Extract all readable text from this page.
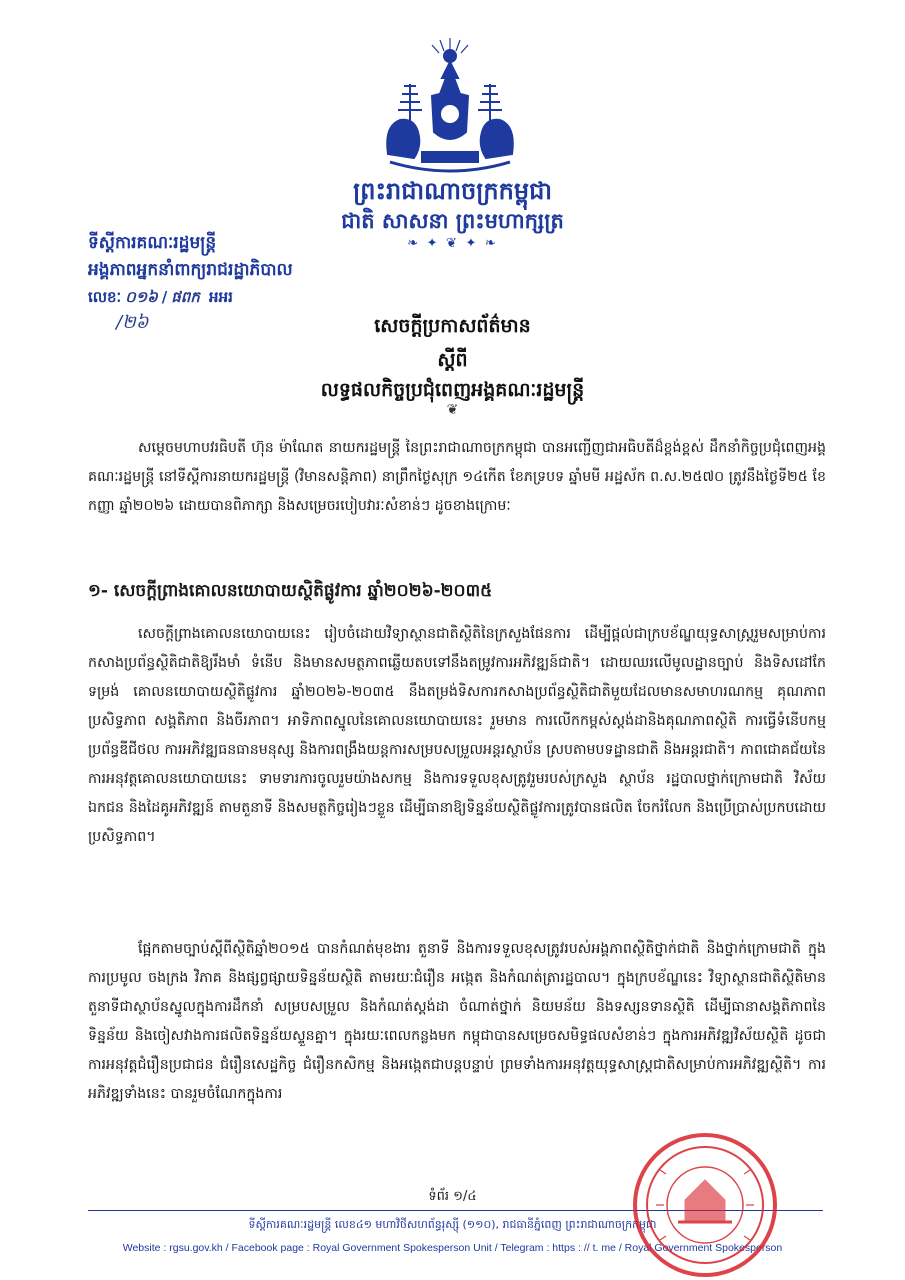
ព្រះរាជាណាចក្រកម្ពុជា
ជាតិ សាសនា ព្រះមហាក្សត្រ
❧ ✦ ❦ ✦ ❧
ទីស្តីការគណៈរដ្ឋមន្ត្រី
អង្គភាពអ្នកនាំពាក្យរាជរដ្ឋាភិបាល
លេខៈ ០១៦ / ផពក អអរ
/២៦	សេចក្តីប្រកាសព័ត៌មាន
ស្តីពី
លទ្ធផលកិច្ចប្រជុំពេញអង្គគណៈរដ្ឋមន្ត្រី
❦
សម្តេចមហាបវរធិបតី ហ៊ុន ម៉ាណែត នាយករដ្ឋមន្ត្រី នៃព្រះរាជាណាចក្រកម្ពុជា បានអញ្ជើញជាអធិបតីដ៏ខ្ពង់ខ្ពស់ ដឹកនាំកិច្ចប្រជុំពេញអង្គគណៈរដ្ឋមន្ត្រី នៅទីស្តីការនាយករដ្ឋមន្ត្រី (វិមានសន្តិភាព) នាព្រឹកថ្ងៃសុក្រ ១៤កើត ខែភទ្របទ ឆ្នាំមមី អដ្ឋស័ក ព.ស.២៥៧០ ត្រូវនឹងថ្ងៃទី២៥ ខែកញ្ញា ឆ្នាំ២០២៦ ដោយបានពិភាក្សា និងសម្រេចរបៀបវារៈសំខាន់ៗ ដូចខាងក្រោមៈ
១- សេចក្តីព្រាងគោលនយោបាយស្ថិតិផ្លូវការ ឆ្នាំ២០២៦-២០៣៥
សេចក្តីព្រាងគោលនយោបាយនេះ រៀបចំដោយវិទ្យាស្ថានជាតិស្ថិតិនៃក្រសួងផែនការ ដើម្បីផ្តល់ជាក្របខ័ណ្ឌយុទ្ធសាស្ត្ររួមសម្រាប់ការកសាងប្រព័ន្ធស្ថិតិជាតិឱ្យរឹងមាំ ទំនើប និងមានសមត្ថភាពឆ្លើយតបទៅនឹងតម្រូវការអភិវឌ្ឍន៍ជាតិ។ ដោយឈរលើមូលដ្ឋានច្បាប់ និងទិសដៅកែទម្រង់ គោលនយោបាយស្ថិតិផ្លូវការ ឆ្នាំ២០២៦-២០៣៥ នឹងតម្រង់ទិសការកសាងប្រព័ន្ធស្ថិតិជាតិមួយដែលមានសមាហរណកម្ម គុណភាព ប្រសិទ្ធភាព សង្គតិភាព និងចីរភាព។ អាទិភាពស្នូលនៃគោលនយោបាយនេះ រួមមាន ការលើកកម្ពស់ស្តង់ដានិងគុណភាពស្ថិតិ ការធ្វើទំនើបកម្មប្រព័ន្ធឌីជីថល ការអភិវឌ្ឍធនធានមនុស្ស និងការពង្រឹងយន្តការសម្របសម្រួលអន្តរស្ថាប័ន ស្របតាមបទដ្ឋានជាតិ និងអន្តរជាតិ។ ភាពជោគជ័យនៃការអនុវត្តគោលនយោបាយនេះ ទាមទារការចូលរួមយ៉ាងសកម្ម និងការទទួលខុសត្រូវរួមរបស់ក្រសួង ស្ថាប័ន រដ្ឋបាលថ្នាក់ក្រោមជាតិ វិស័យឯកជន និងដៃគូអភិវឌ្ឍន៍ តាមតួនាទី និងសមត្ថកិច្ចរៀងៗខ្លួន ដើម្បីធានាឱ្យទិន្នន័យស្ថិតិផ្លូវការត្រូវបានផលិត ចែករំលែក និងប្រើប្រាស់ប្រកបដោយប្រសិទ្ធភាព។
ផ្អែកតាមច្បាប់ស្តីពីស្ថិតិឆ្នាំ២០១៥ បានកំណត់មុខងារ តួនាទី និងការទទួលខុសត្រូវរបស់អង្គភាពស្ថិតិថ្នាក់ជាតិ និងថ្នាក់ក្រោមជាតិ ក្នុងការប្រមូល ចងក្រង វិភាគ និងផ្សព្វផ្សាយទិន្នន័យស្ថិតិ តាមរយៈជំរឿន អង្កេត និងកំណត់ត្រារដ្ឋបាល។ ក្នុងក្របខ័ណ្ឌនេះ វិទ្យាស្ថានជាតិស្ថិតិមានតួនាទីជាស្ថាប័នស្នូលក្នុងការដឹកនាំ សម្របសម្រួល និងកំណត់ស្តង់ដា ចំណាត់ថ្នាក់ និយមន័យ និងទស្សនទានស្ថិតិ ដើម្បីធានាសង្គតិភាពនៃទិន្នន័យ និងចៀសវាងការផលិតទិន្នន័យស្ទួនគ្នា។ ក្នុងរយៈពេលកន្លងមក កម្ពុជាបានសម្រេចសមិទ្ធផលសំខាន់ៗ ក្នុងការអភិវឌ្ឍវិស័យស្ថិតិ ដូចជាការអនុវត្តជំរឿនប្រជាជន ជំរឿនសេដ្ឋកិច្ច ជំរឿនកសិកម្ម និងអង្កេតជាបន្តបន្ទាប់ ព្រមទាំងការអនុវត្តយុទ្ធសាស្ត្រជាតិសម្រាប់ការអភិវឌ្ឍស្ថិតិ។ ការអភិវឌ្ឍទាំងនេះ បានរួមចំណែកក្នុងការ
ទំព័រ ១/៤
ទីស្តីការគណៈរដ្ឋមន្ត្រី លេខ៤១ មហាវិថីសហព័ន្ធរុស្ស៊ី (១១០), រាជធានីភ្នំពេញ ព្រះរាជាណាចក្រកម្ពុជា
Website : rgsu.gov.kh / Facebook page : Royal Government Spokesperson Unit / Telegram : https : // t. me / Royal Government Spokesperson
